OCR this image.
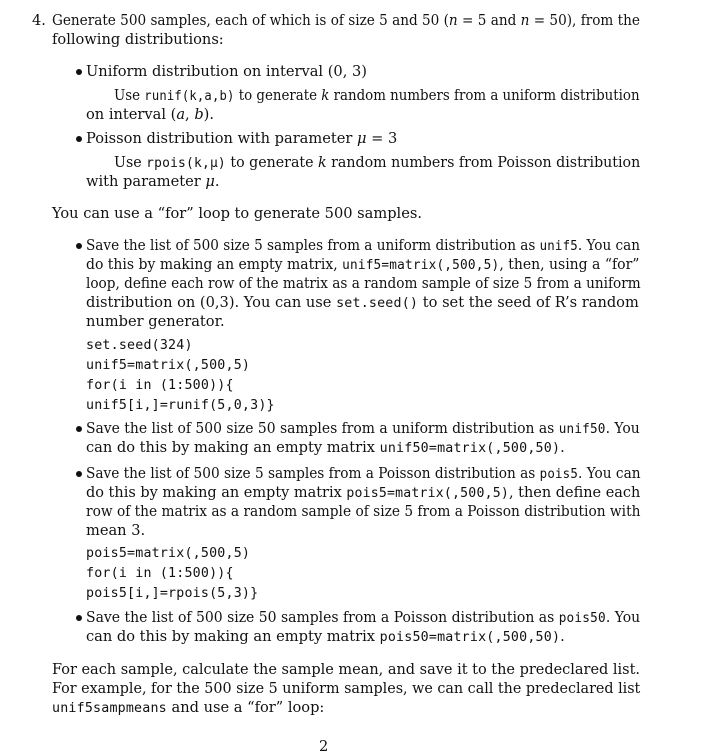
4. Generate 500 samples, each of which is of size 5 and 50 (n = 5 and n = 50), from the
following distributions:
Uniform distribution on interval (0, 3)
Use runif(k,a,b) to generate k random numbers from a uniform distribution
on interval (a, b).
Poisson distribution with parameter μ = 3
Use rpois(k,μ) to generate k random numbers from Poisson distribution
with parameter μ.
You can use a “for” loop to generate 500 samples.
Save the list of 500 size 5 samples from a uniform distribution as unif5. You can
do this by making an empty matrix, unif5=matrix(,500,5), then, using a “for”
loop, define each row of the matrix as a random sample of size 5 from a uniform
distribution on (0,3). You can use set.seed() to set the seed of R’s random
number generator.
set.seed(324)
unif5=matrix(,500,5)
for(i in (1:500)){
unif5[i,]=runif(5,0,3)}
Save the list of 500 size 50 samples from a uniform distribution as unif50. You
can do this by making an empty matrix unif50=matrix(,500,50).
Save the list of 500 size 5 samples from a Poisson distribution as pois5. You can
do this by making an empty matrix pois5=matrix(,500,5), then define each
row of the matrix as a random sample of size 5 from a Poisson distribution with
mean 3.
pois5=matrix(,500,5)
for(i in (1:500)){
pois5[i,]=rpois(5,3)}
Save the list of 500 size 50 samples from a Poisson distribution as pois50. You
can do this by making an empty matrix pois50=matrix(,500,50).
For each sample, calculate the sample mean, and save it to the predeclared list.
For example, for the 500 size 5 uniform samples, we can call the predeclared list
unif5sampmeans and use a “for” loop:
2
